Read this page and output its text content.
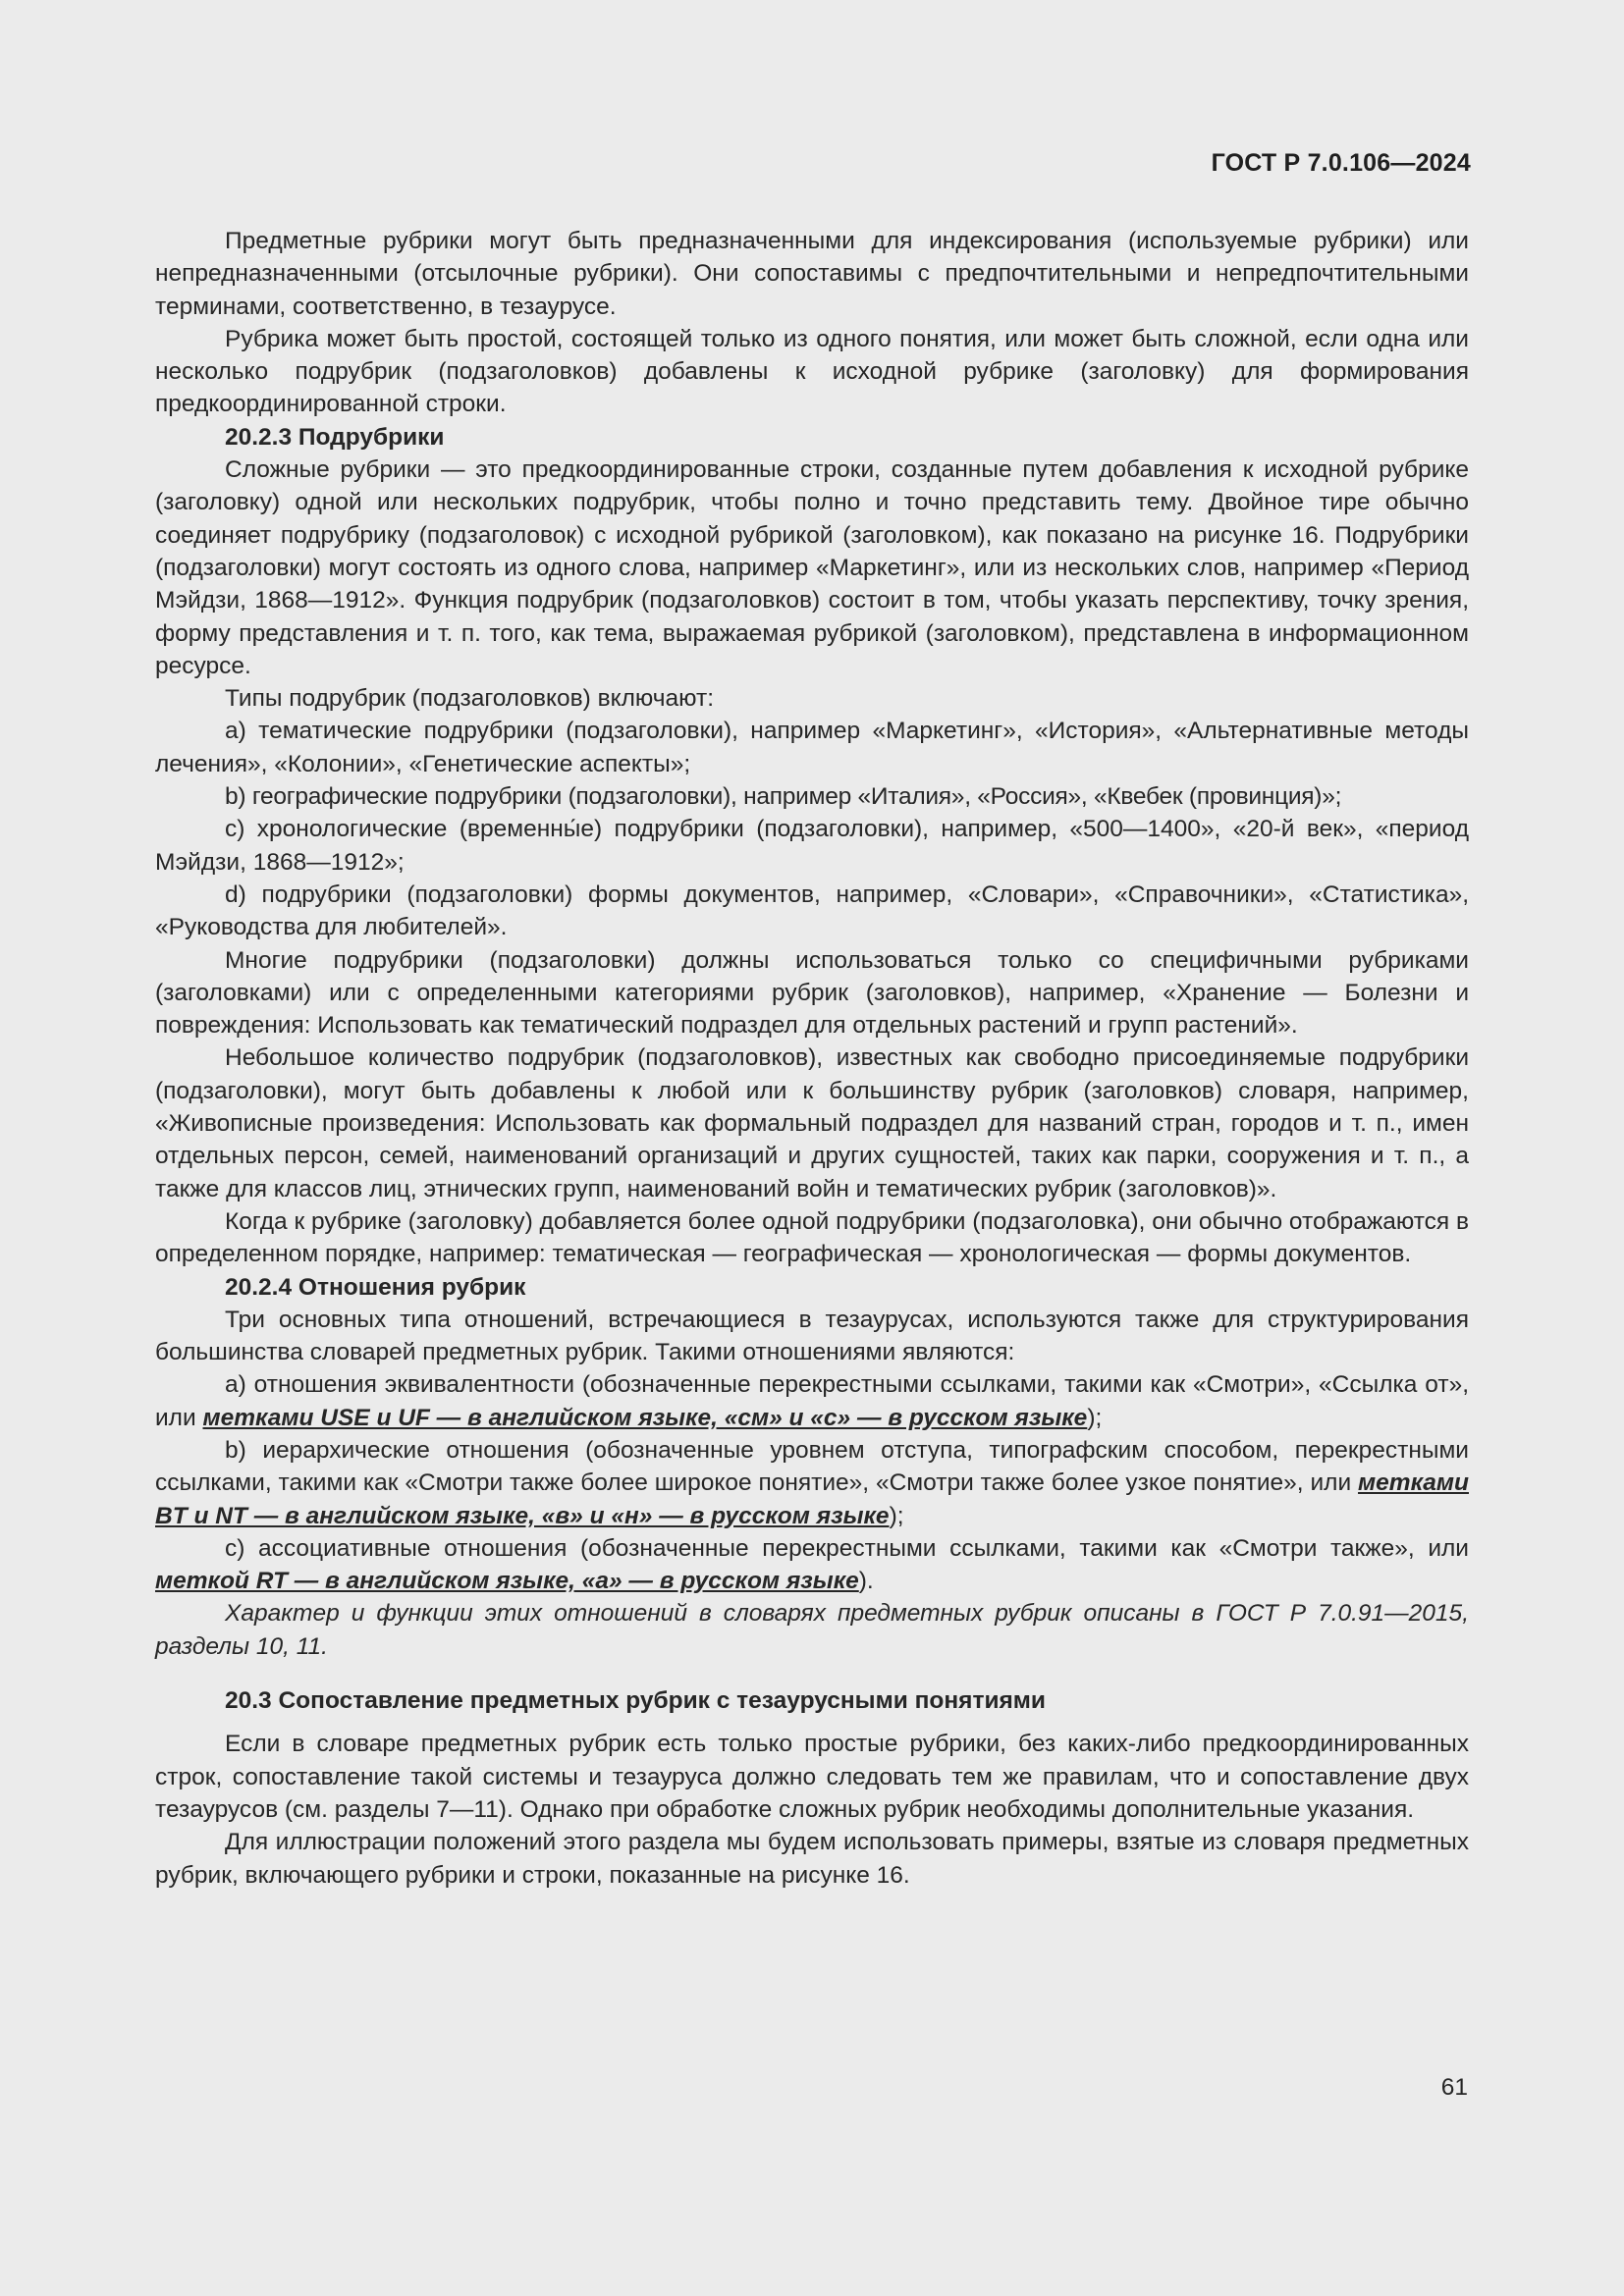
ГОСТ Р 7.0.106—2024

Предметные рубрики могут быть предназначенными для индексирования (используемые рубрики) или непредназначенными (отсылочные рубрики). Они сопоставимы с предпочтительными и непредпочтительными терминами, соответственно, в тезаурусе.

Рубрика может быть простой, состоящей только из одного понятия, или может быть сложной, если одна или несколько подрубрик (подзаголовков) добавлены к исходной рубрике (заголовку) для формирования предкоординированной строки.

20.2.3 Подрубрики

Сложные рубрики — это предкоординированные строки, созданные путем добавления к исходной рубрике (заголовку) одной или нескольких подрубрик, чтобы полно и точно представить тему. Двойное тире обычно соединяет подрубрику (подзаголовок) с исходной рубрикой (заголовком), как показано на рисунке 16. Подрубрики (подзаголовки) могут состоять из одного слова, например «Маркетинг», или из нескольких слов, например «Период Мэйдзи, 1868—1912». Функция подрубрик (подзаголовков) состоит в том, чтобы указать перспективу, точку зрения, форму представления и т. п. того, как тема, выражаемая рубрикой (заголовком), представлена в информационном ресурсе.

Типы подрубрик (подзаголовков) включают:

a) тематические подрубрики (подзаголовки), например «Маркетинг», «История», «Альтернативные методы лечения», «Колонии», «Генетические аспекты»;

b) географические подрубрики (подзаголовки), например «Италия», «Россия», «Квебек (провинция)»;

c) хронологические (временны́е) подрубрики (подзаголовки), например, «500—1400», «20-й век», «период Мэйдзи, 1868—1912»;

d) подрубрики (подзаголовки) формы документов, например, «Словари», «Справочники», «Статистика», «Руководства для любителей».

Многие подрубрики (подзаголовки) должны использоваться только со специфичными рубриками (заголовками) или с определенными категориями рубрик (заголовков), например, «Хранение — Болезни и повреждения: Использовать как тематический подраздел для отдельных растений и групп растений».

Небольшое количество подрубрик (подзаголовков), известных как свободно присоединяемые подрубрики (подзаголовки), могут быть добавлены к любой или к большинству рубрик (заголовков) словаря, например, «Живописные произведения: Использовать как формальный подраздел для названий стран, городов и т. п., имен отдельных персон, семей, наименований организаций и других сущностей, таких как парки, сооружения и т. п., а также для классов лиц, этнических групп, наименований войн и тематических рубрик (заголовков)».

Когда к рубрике (заголовку) добавляется более одной подрубрики (подзаголовка), они обычно отображаются в определенном порядке, например: тематическая — географическая — хронологическая — формы документов.

20.2.4 Отношения рубрик

Три основных типа отношений, встречающиеся в тезаурусах, используются также для структурирования большинства словарей предметных рубрик. Такими отношениями являются:

a) отношения эквивалентности (обозначенные перекрестными ссылками, такими как «Смотри», «Ссылка от», или метками USE и UF — в английском языке, «см» и «с» — в русском языке);

b) иерархические отношения (обозначенные уровнем отступа, типографским способом, перекрестными ссылками, такими как «Смотри также более широкое понятие», «Смотри также более узкое понятие», или метками BT и NT — в английском языке, «в» и «н» — в русском языке);

c) ассоциативные отношения (обозначенные перекрестными ссылками, такими как «Смотри также», или меткой RT — в английском языке, «а» — в русском языке).

Характер и функции этих отношений в словарях предметных рубрик описаны в ГОСТ Р 7.0.91—2015, разделы 10, 11.

20.3 Сопоставление предметных рубрик с тезаурусными понятиями

Если в словаре предметных рубрик есть только простые рубрики, без каких-либо предкоординированных строк, сопоставление такой системы и тезауруса должно следовать тем же правилам, что и сопоставление двух тезаурусов (см. разделы 7—11). Однако при обработке сложных рубрик необходимы дополнительные указания.

Для иллюстрации положений этого раздела мы будем использовать примеры, взятые из словаря предметных рубрик, включающего рубрики и строки, показанные на рисунке 16.

61
